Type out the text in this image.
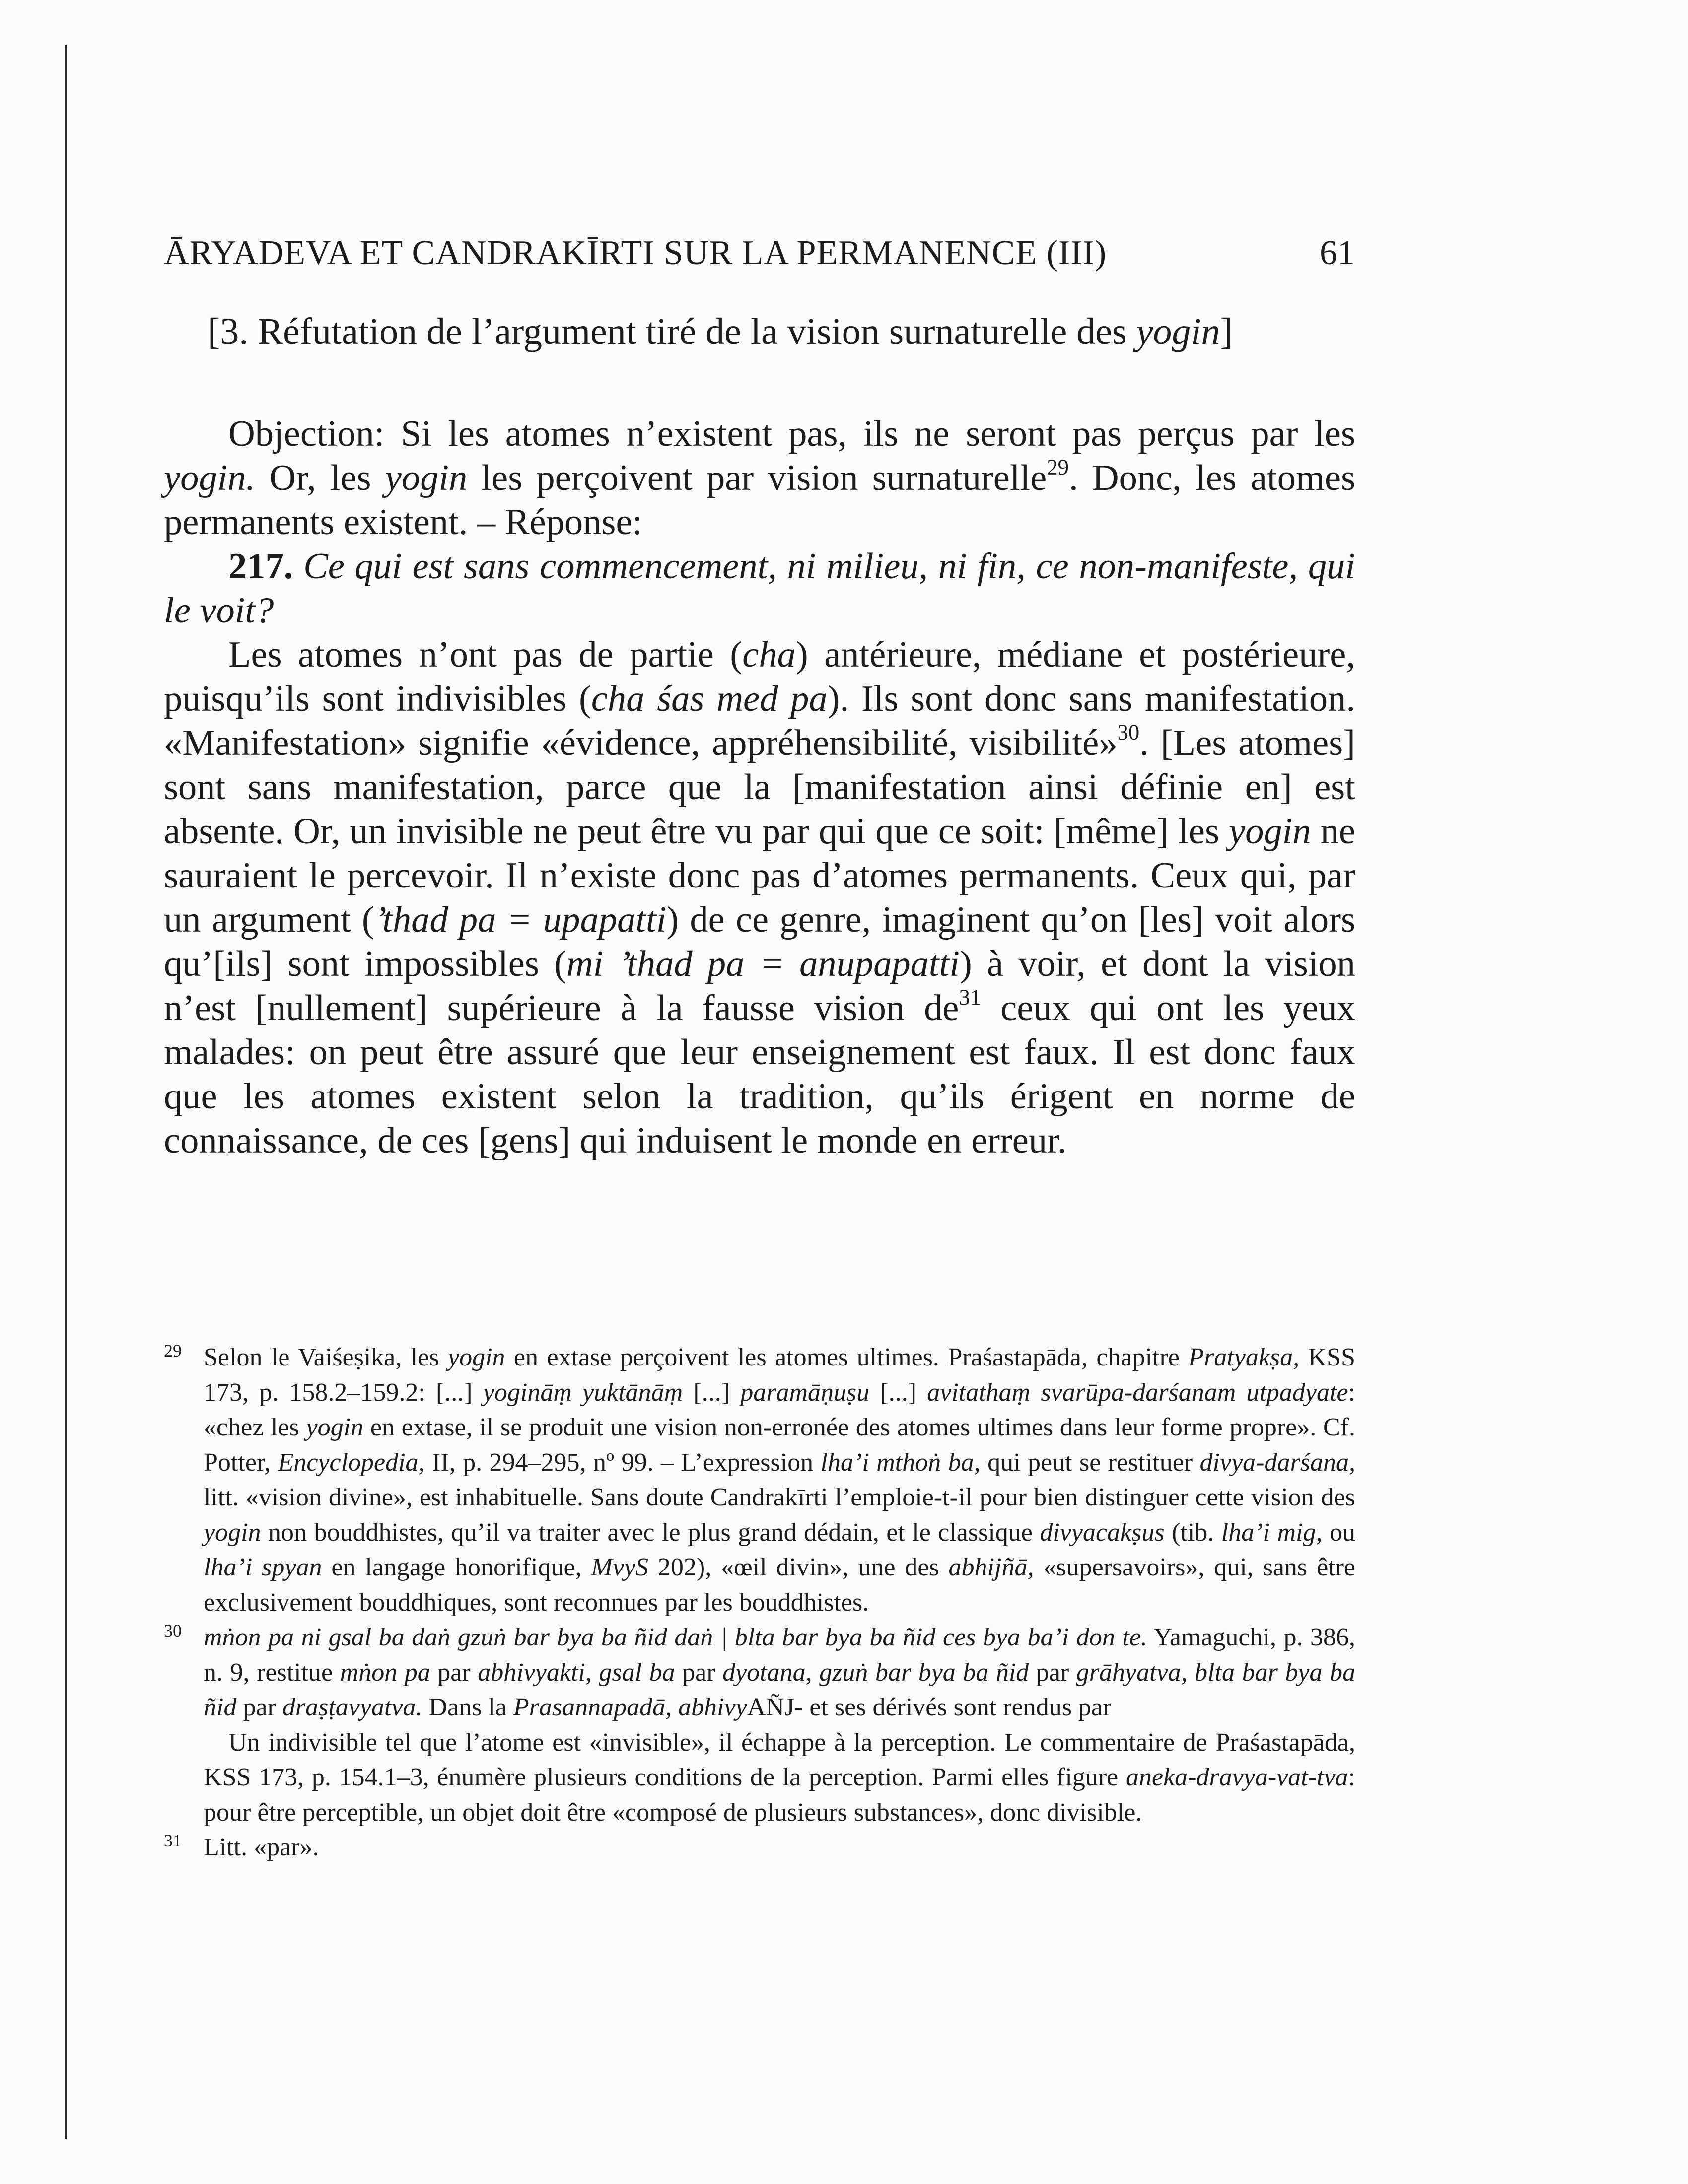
ĀRYADEVA ET CANDRAKĪRTI SUR LA PERMANENCE (III)	61
[3. Réfutation de l’argument tiré de la vision surnaturelle des yogin]

Objection: Si les atomes n’existent pas, ils ne seront pas perçus par les yogin. Or, les yogin les perçoivent par vision surnaturelle$^{29}$. Donc, les atomes permanents existent. – Réponse:

217. Ce qui est sans commencement, ni milieu, ni fin, ce non-manifeste, qui le voit?

Les atomes n’ont pas de partie (cha) antérieure, médiane et postérieure, puisqu’ils sont indivisibles (cha śas med pa). Ils sont donc sans manifestation. «Manifestation» signifie «évidence, appréhensibilité, visibilité»$^{30}$. [Les atomes] sont sans manifestation, parce que la [manifestation ainsi définie en] est absente. Or, un invisible ne peut être vu par qui que ce soit: [même] les yogin ne sauraient le percevoir. Il n’existe donc pas d’atomes permanents. Ceux qui, par un argument (’thad pa = upapatti) de ce genre, imaginent qu’on [les] voit alors qu’[ils] sont impossibles (mi ’thad pa = anupapatti) à voir, et dont la vision n’est [nullement] supérieure à la fausse vision $de^{31}$ ceux qui ont les yeux malades: on peut être assuré que leur enseignement est faux. Il est donc faux que les atomes existent selon la tradition, qu’ils érigent en norme de connaissance, de ces [gens] qui induisent le monde en erreur.

29 Selon le Vaiśeṣika, les yogin en extase perçoivent les atomes ultimes. Praśastapāda, chapitre Pratyakṣa, KSS 173, p. 158.2–159.2: [...] yogināṃ yuktānāṃ [...] paramāṇuṣu [...] avitathaṃ svarūpa-darśanam utpadyate: «chez les yogin en extase, il se produit une vision non-erronée des atomes ultimes dans leur forme propre». Cf. Potter, Encyclopedia, II, p. 294–295, nº 99. – L’expression lha’i mthoṅ ba, qui peut se restituer divya-darśana, litt. «vision divine», est inhabituelle. Sans doute Candrakīrti l’emploie-t-il pour bien distinguer cette vision des yogin non bouddhistes, qu’il va traiter avec le plus grand dédain, et le classique divyacakṣus (tib. lha’i mig, ou lha’i spyan en langage honorifique, MvyS 202), «œil divin», une des abhijñā, «supersavoirs», qui, sans être exclusivement bouddhiques, sont reconnues par les bouddhistes.

30 mṅon pa ni gsal ba daṅ gzuṅ bar bya ba ñid daṅ | blta bar bya ba ñid ces bya ba’i don te. Yamaguchi, p. 386, n. 9, restitue mṅon pa par abhivyakti, gsal ba par dyotana, gzuṅ bar bya ba ñid par grāhyatva, blta bar bya ba ñid par draṣṭavyatva. Dans la Prasannapadā, abhivyAÑJ- et ses dérivés sont rendus par

Un indivisible tel que l’atome est «invisible», il échappe à la perception. Le commentaire de Praśastapāda, KSS 173, p. 154.1–3, énumère plusieurs conditions de la perception. Parmi elles figure aneka-dravya-vat-tva: pour être perceptible, un objet doit être «composé de plusieurs substances», donc divisible.

31 Litt. «par».
